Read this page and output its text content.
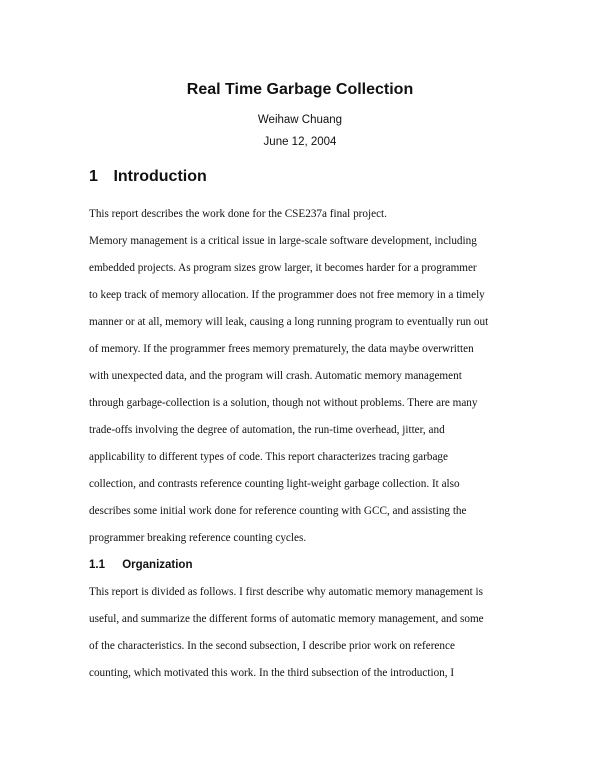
Real Time Garbage Collection
Weihaw Chuang
June 12, 2004
1 Introduction
This report describes the work done for the CSE237a final project.
Memory management is a critical issue in large-scale software development, including
embedded projects. As program sizes grow larger, it becomes harder for a programmer
to keep track of memory allocation. If the programmer does not free memory in a timely
manner or at all, memory will leak, causing a long running program to eventually run out
of memory. If the programmer frees memory prematurely, the data maybe overwritten
with unexpected data, and the program will crash. Automatic memory management
through garbage-collection is a solution, though not without problems. There are many
trade-offs involving the degree of automation, the run-time overhead, jitter, and
applicability to different types of code. This report characterizes tracing garbage
collection, and contrasts reference counting light-weight garbage collection. It also
describes some initial work done for reference counting with GCC, and assisting the
programmer breaking reference counting cycles.
1.1 Organization
This report is divided as follows. I first describe why automatic memory management is
useful, and summarize the different forms of automatic memory management, and some
of the characteristics. In the second subsection, I describe prior work on reference
counting, which motivated this work. In the third subsection of the introduction, I
